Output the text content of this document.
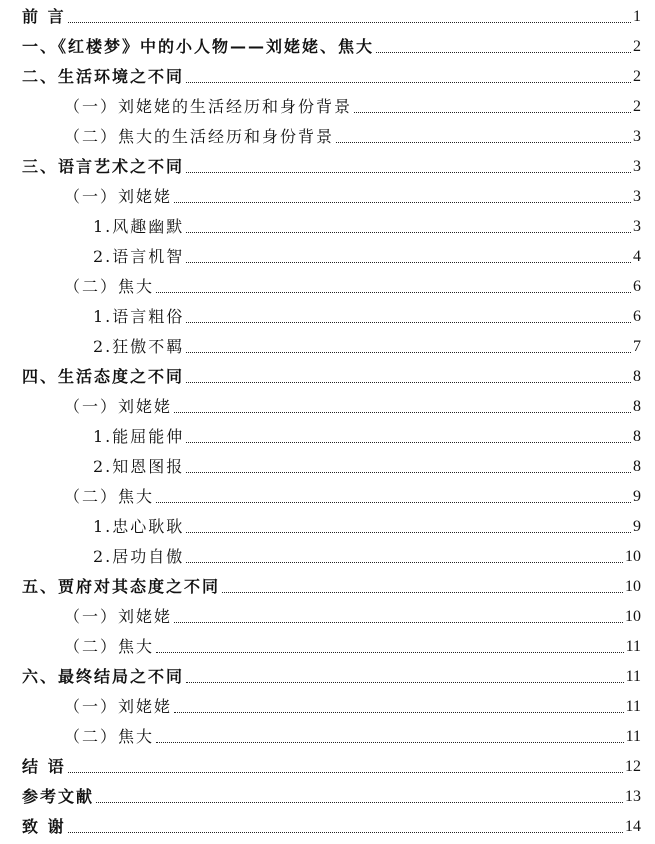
前 言	1
一、《红楼梦》中的小人物——刘姥姥、焦大	2
二、生活环境之不同	2
（一）刘姥姥的生活经历和身份背景	2
（二）焦大的生活经历和身份背景	3
三、语言艺术之不同	3
（一）刘姥姥	3
1.风趣幽默	3
2.语言机智	4
（二）焦大	6
1.语言粗俗	6
2.狂傲不羁	7
四、生活态度之不同	8
（一）刘姥姥	8
1.能屈能伸	8
2.知恩图报	8
（二）焦大	9
1.忠心耿耿	9
2.居功自傲	10
五、贾府对其态度之不同	10
（一）刘姥姥	10
（二）焦大	11
六、最终结局之不同	11
（一）刘姥姥	11
（二）焦大	11
结 语	12
参考文献	13
致 谢	14
